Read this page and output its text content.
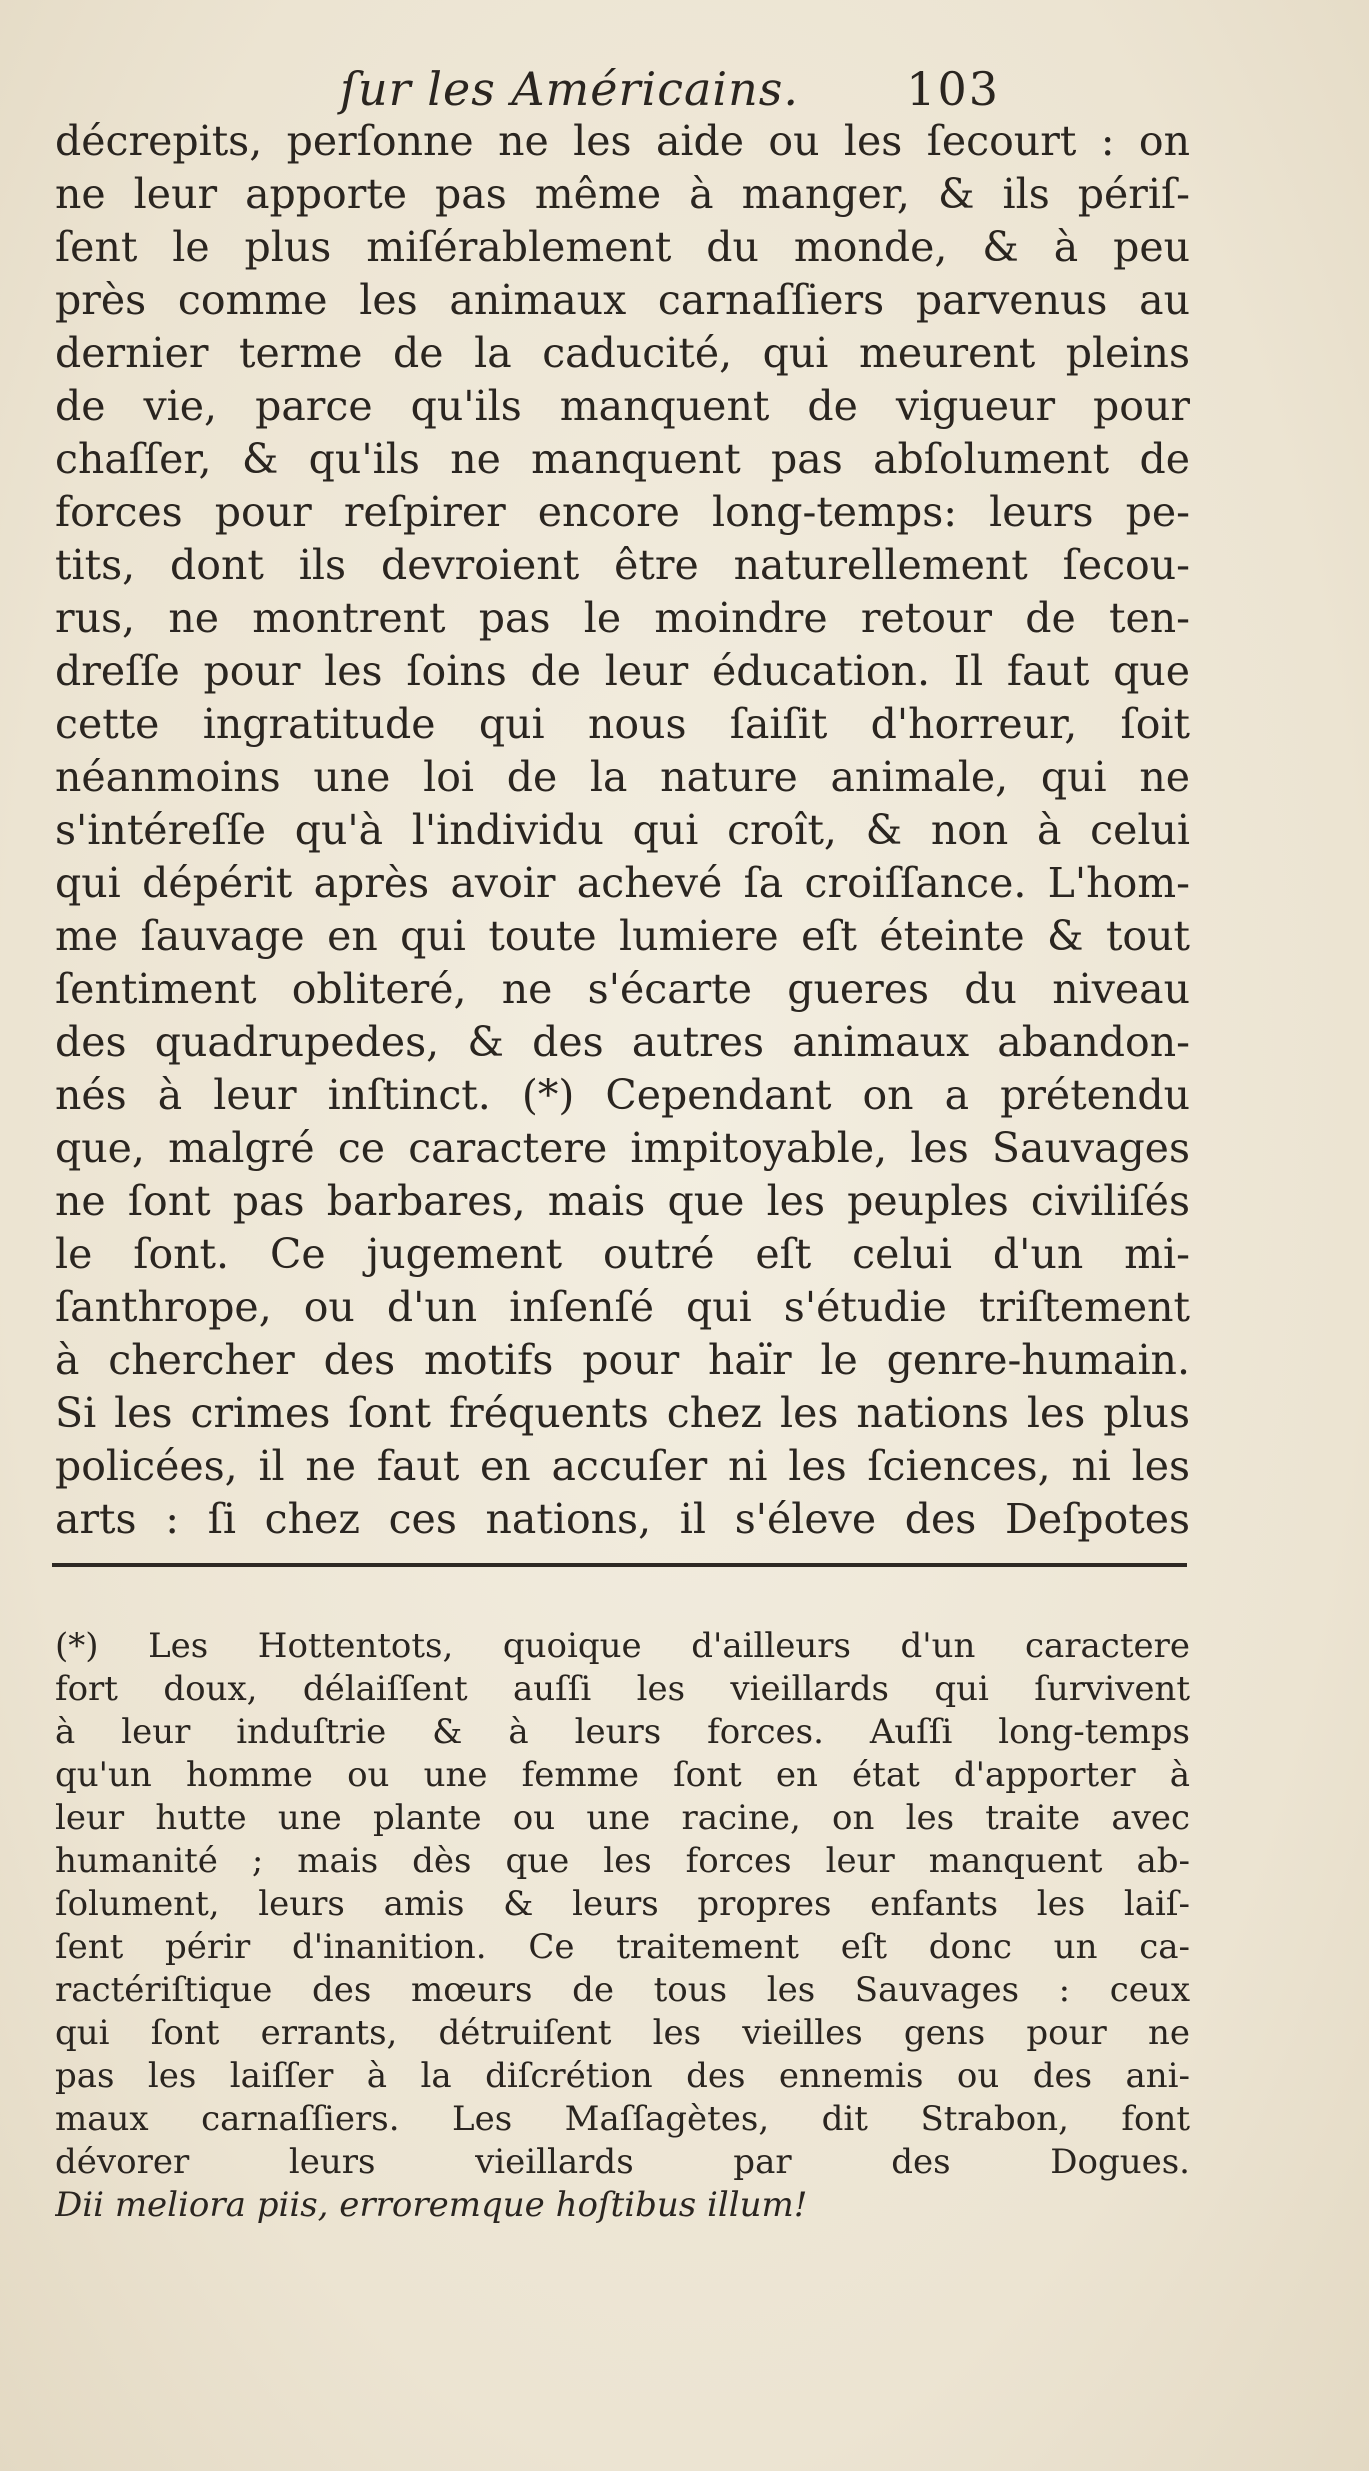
ſur les Américains. 103
décrepits, perſonne ne les aide ou les ſecourt : on
ne leur apporte pas même à manger, & ils périſ-
ſent le plus miſérablement du monde, & à peu
près comme les animaux carnaſſiers parvenus au
dernier terme de la caducité, qui meurent pleins
de vie, parce qu'ils manquent de vigueur pour
chaſſer, & qu'ils ne manquent pas abſolument de
forces pour reſpirer encore long-temps: leurs pe-
tits, dont ils devroient être naturellement ſecou-
rus, ne montrent pas le moindre retour de ten-
dreſſe pour les ſoins de leur éducation. Il faut que
cette ingratitude qui nous ſaiſit d'horreur, ſoit
néanmoins une loi de la nature animale, qui ne
s'intéreſſe qu'à l'individu qui croît, & non à celui
qui dépérit après avoir achevé ſa croiſſance. L'hom-
me ſauvage en qui toute lumiere eſt éteinte & tout
ſentiment obliteré, ne s'écarte gueres du niveau
des quadrupedes, & des autres animaux abandon-
nés à leur inſtinct. (*) Cependant on a prétendu
que, malgré ce caractere impitoyable, les Sauvages
ne ſont pas barbares, mais que les peuples civiliſés
le ſont. Ce jugement outré eſt celui d'un mi-
ſanthrope, ou d'un inſenſé qui s'étudie triſtement
à chercher des motifs pour haïr le genre-humain.
Si les crimes ſont fréquents chez les nations les plus
policées, il ne faut en accuſer ni les ſciences, ni les
arts : ſi chez ces nations, il s'éleve des Deſpotes
(*) Les Hottentots, quoique d'ailleurs d'un caractere
fort doux, délaiſſent auſſi les vieillards qui ſurvivent
à leur induſtrie & à leurs forces. Auſſi long-temps
qu'un homme ou une femme ſont en état d'apporter à
leur hutte une plante ou une racine, on les traite avec
humanité ; mais dès que les forces leur manquent ab-
ſolument, leurs amis & leurs propres enfants les laiſ-
ſent périr d'inanition. Ce traitement eſt donc un ca-
ractériſtique des mœurs de tous les Sauvages : ceux
qui ſont errants, détruiſent les vieilles gens pour ne
pas les laiſſer à la diſcrétion des ennemis ou des ani-
maux carnaſſiers. Les Maſſagètes, dit Strabon, font
dévorer leurs vieillards par des Dogues.
Dii meliora piis, erroremque hoſtibus illum!
